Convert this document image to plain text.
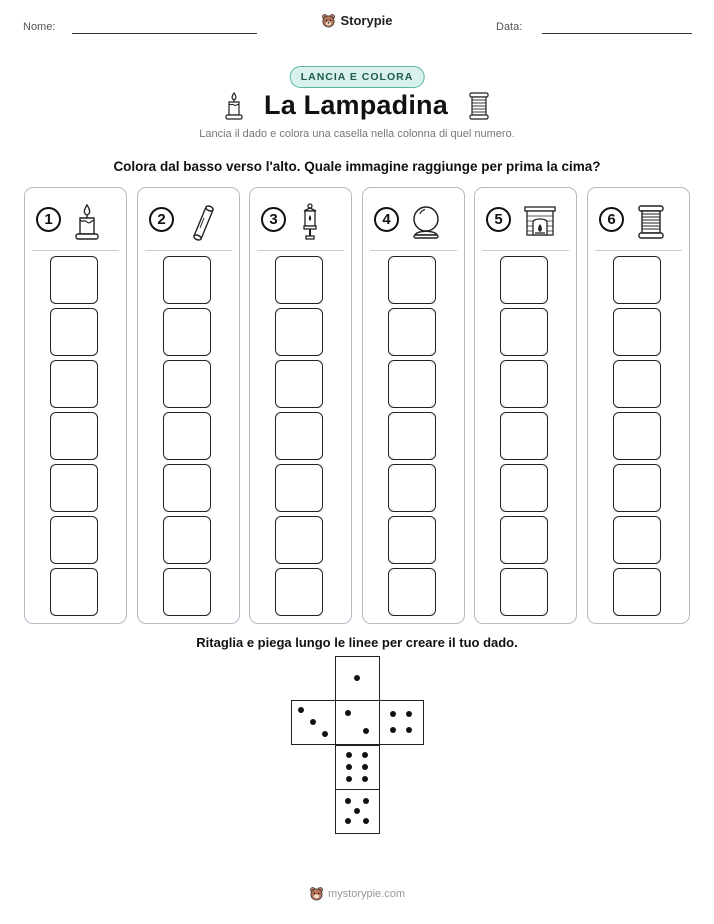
Nome:	Storypie	Data:
LANCIA E COLORA
La Lampadina
Lancia il dado e colora una casella nella colonna di quel numero.
Colora dal basso verso l'alto. Quale immagine raggiunge per prima la cima?
1	2	3	4	5	6
Ritaglia e piega lungo le linee per creare il tuo dado.
mystorypie.com
